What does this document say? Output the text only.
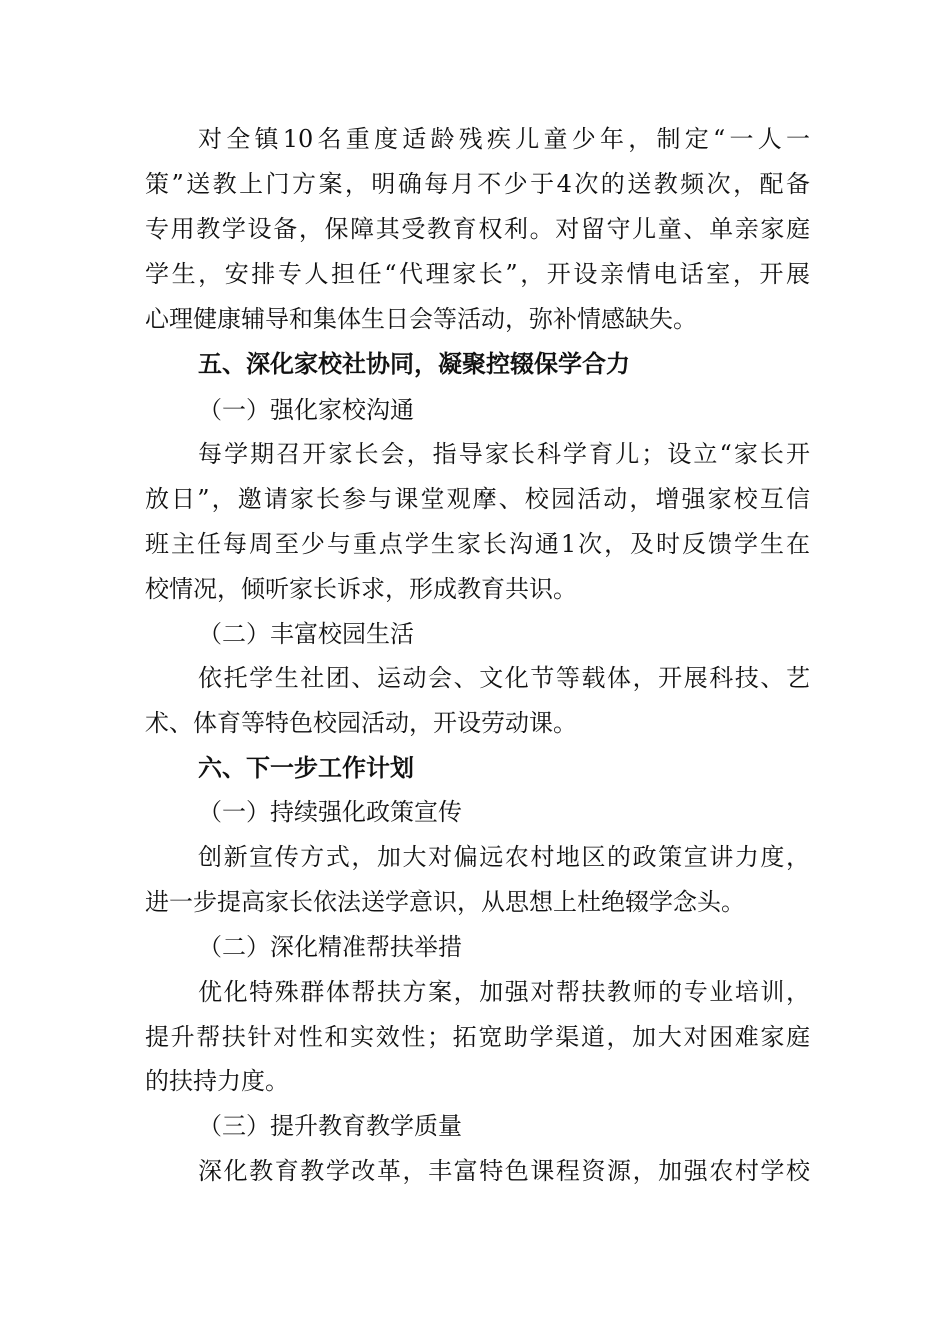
对全镇10名重度适龄残疾儿童少年，制定“一人一
策”送教上门方案，明确每月不少于4次的送教频次，配备
专用教学设备，保障其受教育权利。对留守儿童、单亲家庭
学生，安排专人担任“代理家长”，开设亲情电话室，开展
心理健康辅导和集体生日会等活动，弥补情感缺失。
五、深化家校社协同，凝聚控辍保学合力
（一）强化家校沟通
每学期召开家长会，指导家长科学育儿；设立“家长开
放日”，邀请家长参与课堂观摩、校园活动，增强家校互信
班主任每周至少与重点学生家长沟通1次，及时反馈学生在
校情况，倾听家长诉求，形成教育共识。
（二）丰富校园生活
依托学生社团、运动会、文化节等载体，开展科技、艺
术、体育等特色校园活动，开设劳动课。
六、下一步工作计划
（一）持续强化政策宣传
创新宣传方式，加大对偏远农村地区的政策宣讲力度，
进一步提高家长依法送学意识，从思想上杜绝辍学念头。
（二）深化精准帮扶举措
优化特殊群体帮扶方案，加强对帮扶教师的专业培训，
提升帮扶针对性和实效性；拓宽助学渠道，加大对困难家庭
的扶持力度。
（三）提升教育教学质量
深化教育教学改革，丰富特色课程资源，加强农村学校
